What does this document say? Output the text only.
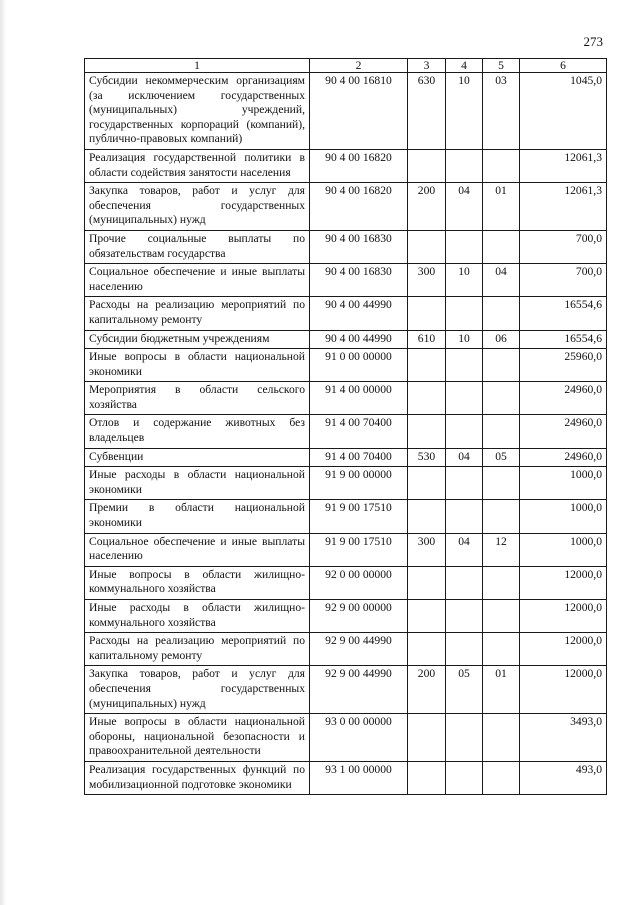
273
1	2	3	4	5	6
Субсидии некоммерческим организациям (за исключением государственных (муниципальных) учреждений, государственных корпораций (компаний), публично-правовых компаний)	90 4 00 16810	630	10	03	1045,0
Реализация государственной политики в области содействия занятости населения	90 4 00 16820				12061,3
Закупка товаров, работ и услуг для обеспечения государственных (муниципальных) нужд	90 4 00 16820	200	04	01	12061,3
Прочие социальные выплаты по обязательствам государства	90 4 00 16830				700,0
Социальное обеспечение и иные выплаты населению	90 4 00 16830	300	10	04	700,0
Расходы на реализацию мероприятий по капитальному ремонту	90 4 00 44990				16554,6
Субсидии бюджетным учреждениям	90 4 00 44990	610	10	06	16554,6
Иные вопросы в области национальной экономики	91 0 00 00000				25960,0
Мероприятия в области сельского хозяйства	91 4 00 00000				24960,0
Отлов и содержание животных без владельцев	91 4 00 70400				24960,0
Субвенции	91 4 00 70400	530	04	05	24960,0
Иные расходы в области национальной экономики	91 9 00 00000				1000,0
Премии в области национальной экономики	91 9 00 17510				1000,0
Социальное обеспечение и иные выплаты населению	91 9 00 17510	300	04	12	1000,0
Иные вопросы в области жилищно-коммунального хозяйства	92 0 00 00000				12000,0
Иные расходы в области жилищно-коммунального хозяйства	92 9 00 00000				12000,0
Расходы на реализацию мероприятий по капитальному ремонту	92 9 00 44990				12000,0
Закупка товаров, работ и услуг для обеспечения государственных (муниципальных) нужд	92 9 00 44990	200	05	01	12000,0
Иные вопросы в области национальной обороны, национальной безопасности и правоохранительной деятельности	93 0 00 00000				3493,0
Реализация государственных функций по мобилизационной подготовке экономики	93 1 00 00000				493,0
